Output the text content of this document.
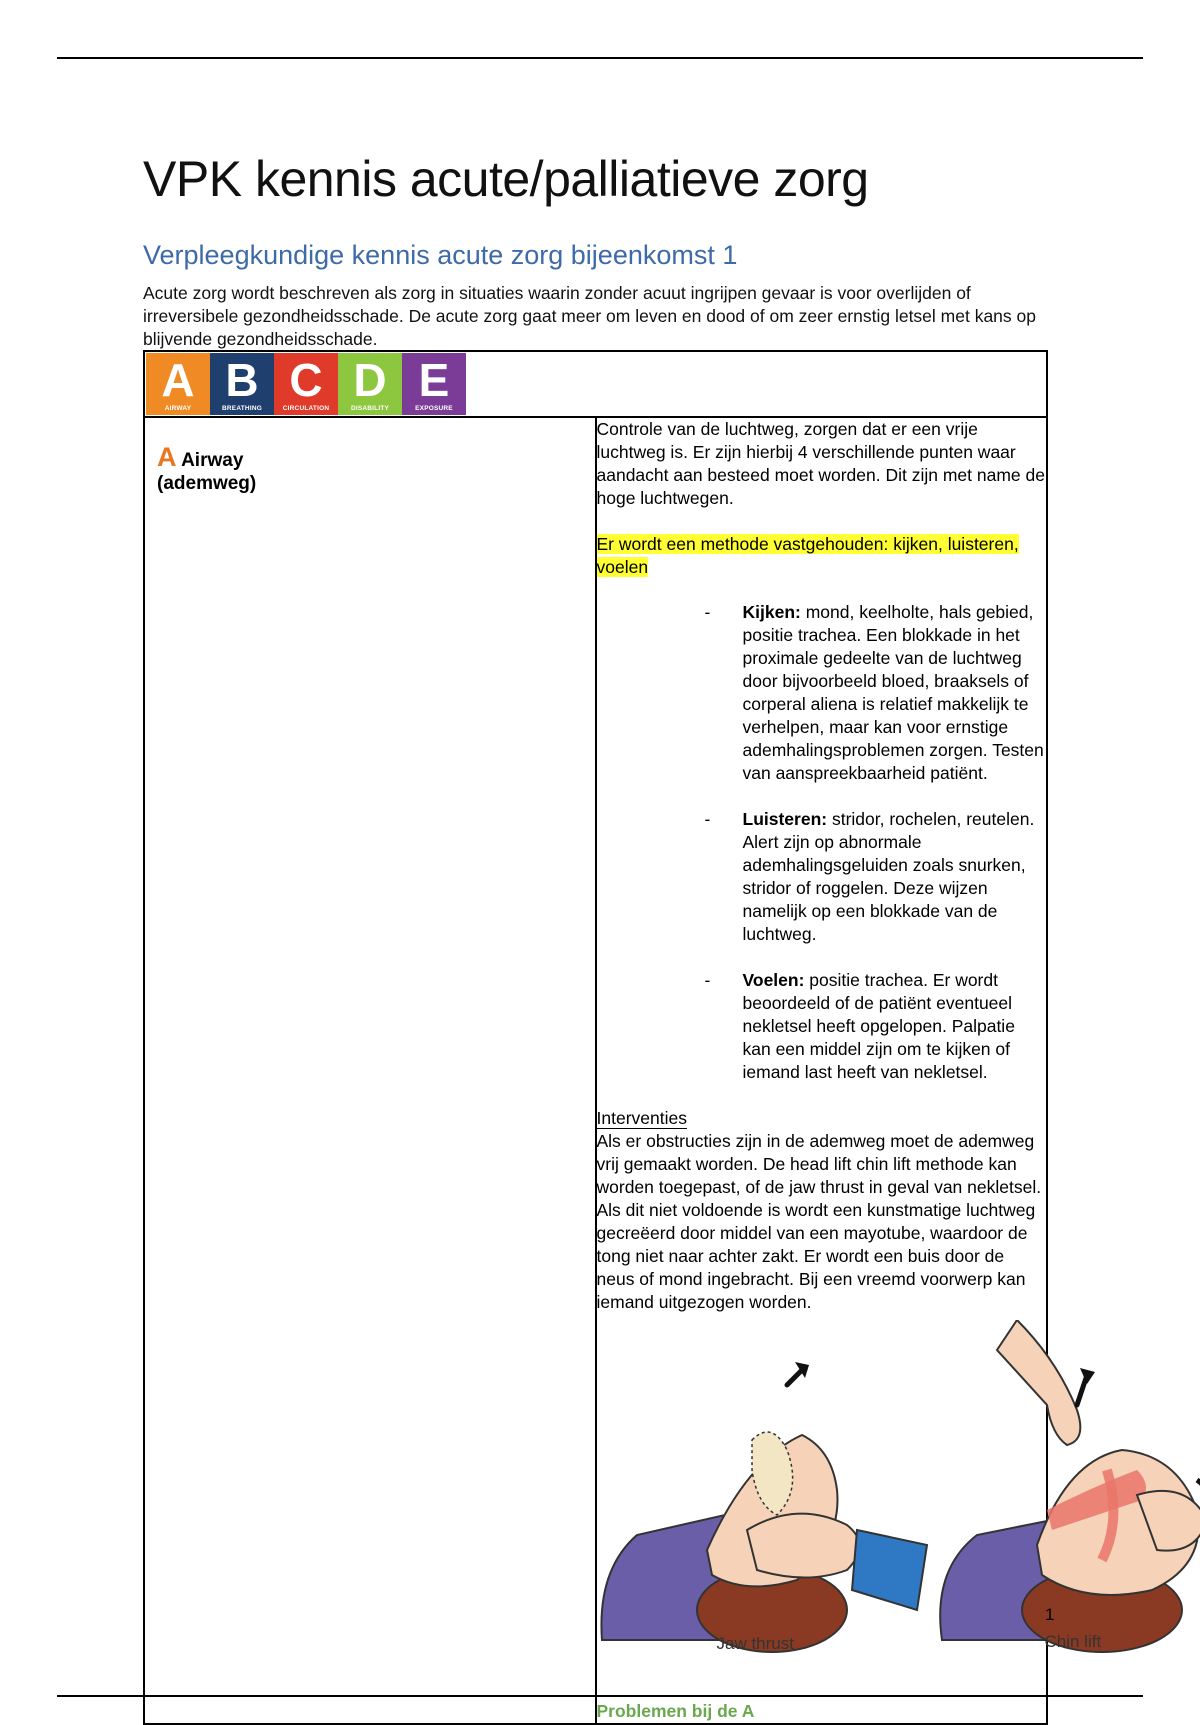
VPK kennis acute/palliatieve zorg
Verpleegkundige kennis acute zorg bijeenkomst 1

Acute zorg wordt beschreven als zorg in situaties waarin zonder acuut ingrijpen gevaar is voor overlijden of irreversibele gezondheidsschade. De acute zorg gaat meer om leven en dood of om zeer ernstig letsel met kans op blijvende gezondheidsschade.

A
AIRWAY
B
BREATHING
C
CIRCULATION
D
DISABILITY
E
EXPOSURE

A Airway
(ademweg)

Controle van de luchtweg, zorgen dat er een vrije luchtweg is. Er zijn hierbij 4 verschillende punten waar aandacht aan besteed moet worden. Dit zijn met name de hoge luchtwegen.

Er wordt een methode vastgehouden: kijken, luisteren, voelen

- Kijken: mond, keelholte, hals gebied, positie trachea. Een blokkade in het proximale gedeelte van de luchtweg door bijvoorbeeld bloed, braaksels of corperal aliena is relatief makkelijk te verhelpen, maar kan voor ernstige ademhalingsproblemen zorgen. Testen van aanspreekbaarheid patiënt.
- Luisteren: stridor, rochelen, reutelen. Alert zijn op abnormale ademhalingsgeluiden zoals snurken, stridor of roggelen. Deze wijzen namelijk op een blokkade van de luchtweg.
- Voelen: positie trachea. Er wordt beoordeeld of de patiënt eventueel nekletsel heeft opgelopen. Palpatie kan een middel zijn om te kijken of iemand last heeft van nekletsel.

Interventies

Als er obstructies zijn in de ademweg moet de ademweg vrij gemaakt worden. De head lift chin lift methode kan worden toegepast, of de jaw thrust in geval van nekletsel. Als dit niet voldoende is wordt een kunstmatige luchtweg gecreëerd door middel van een mayotube, waardoor de tong niet naar achter zakt. Er wordt een buis door de neus of mond ingebracht. Bij een vreemd voorwerp kan iemand uitgezogen worden.

Jaw thrust	Chin lift

Problemen bij de A

1
